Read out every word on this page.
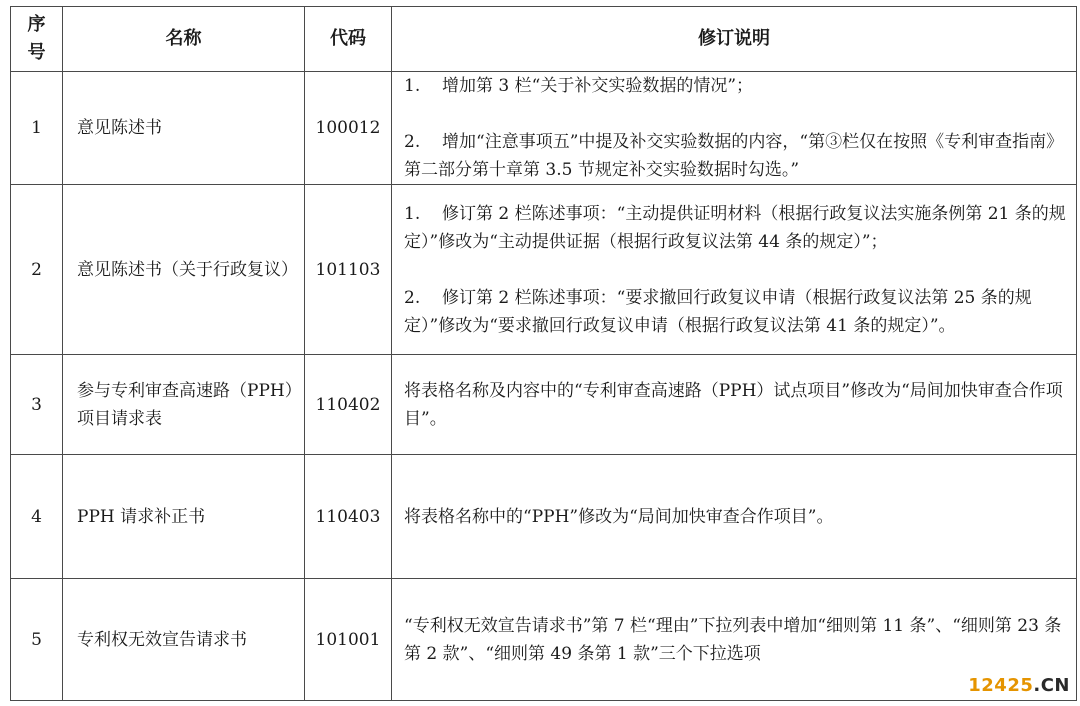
序号	名称	代码	修订说明
1	意见陈述书	100012	1. 增加第 3 栏“关于补交实验数据的情况”；

2. 增加“注意事项五”中提及补交实验数据的内容，“第③栏仅在按照《专利审查指南》第二部分第十章第 3.5 节规定补交实验数据时勾选。”

2	意见陈述书（关于行政复议）	101103	1. 修订第 2 栏陈述事项：“主动提供证明材料（根据行政复议法实施条例第 21 条的规定）”修改为“主动提供证据（根据行政复议法第 44 条的规定）”；

2. 修订第 2 栏陈述事项：“要求撤回行政复议申请（根据行政复议法第 25 条的规定）”修改为“要求撤回行政复议申请（根据行政复议法第 41 条的规定）”。

3	参与专利审查高速路（PPH）项目请求表	110402	将表格名称及内容中的“专利审查高速路（PPH）试点项目”修改为“局间加快审查合作项目”。
4	PPH 请求补正书	110403	将表格名称中的“PPH”修改为“局间加快审查合作项目”。
5	专利权无效宣告请求书	101001	“专利权无效宣告请求书”第 7 栏“理由”下拉列表中增加“细则第 11 条”、“细则第 23 条第 2 款”、“细则第 49 条第 1 款”三个下拉选项
12425.CN
